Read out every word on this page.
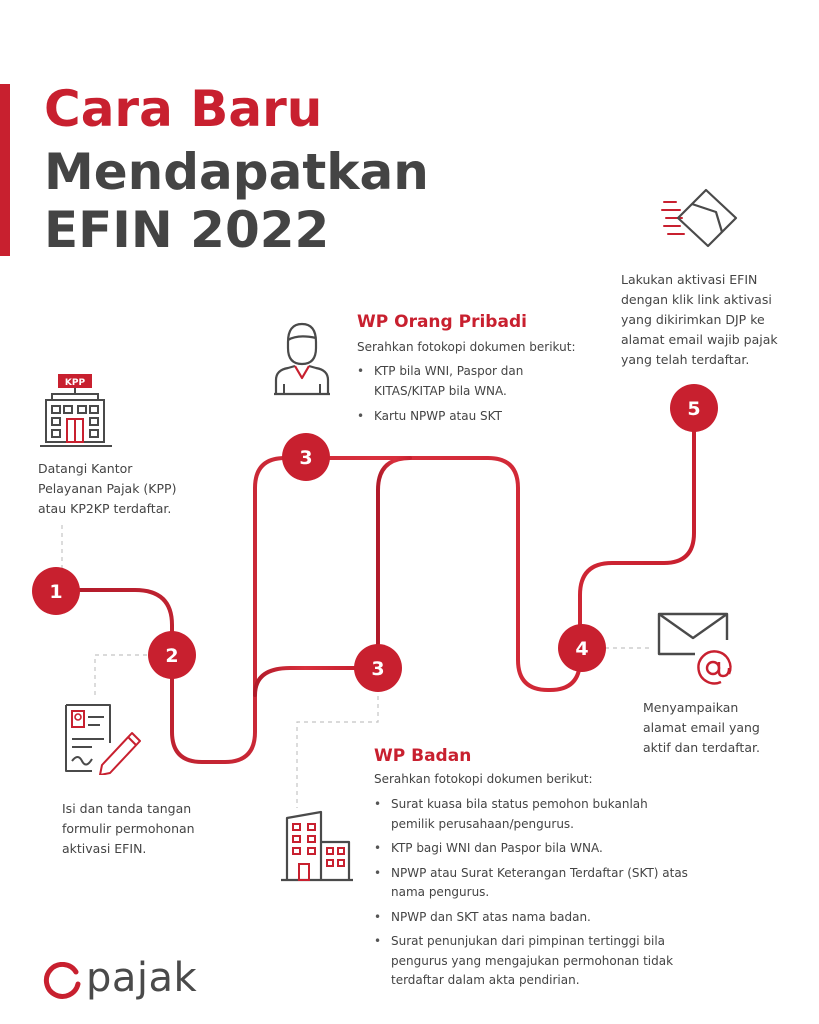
Cara Baru
Mendapatkan
EFIN 2022
1
2
3
3
4
5
KPP
Datangi Kantor
Pelayanan Pajak (KPP)
atau KP2KP terdaftar.
Isi dan tanda tangan
formulir permohonan
aktivasi EFIN.
WP Orang Pribadi
Serahkan fotokopi dokumen berikut:
• KTP bila WNI, Paspor dan
KITAS/KITAP bila WNA.
• Kartu NPWP atau SKT
WP Badan
Serahkan fotokopi dokumen berikut:
• Surat kuasa bila status pemohon bukanlah
pemilik perusahaan/pengurus.
• KTP bagi WNI dan Paspor bila WNA.
• NPWP atau Surat Keterangan Terdaftar (SKT) atas
nama pengurus.
• NPWP dan SKT atas nama badan.
• Surat penunjukan dari pimpinan tertinggi bila
pengurus yang mengajukan permohonan tidak
terdaftar dalam akta pendirian.
Menyampaikan
alamat email yang
aktif dan terdaftar.
Lakukan aktivasi EFIN
dengan klik link aktivasi
yang dikirimkan DJP ke
alamat email wajib pajak
yang telah terdaftar.
pajak
